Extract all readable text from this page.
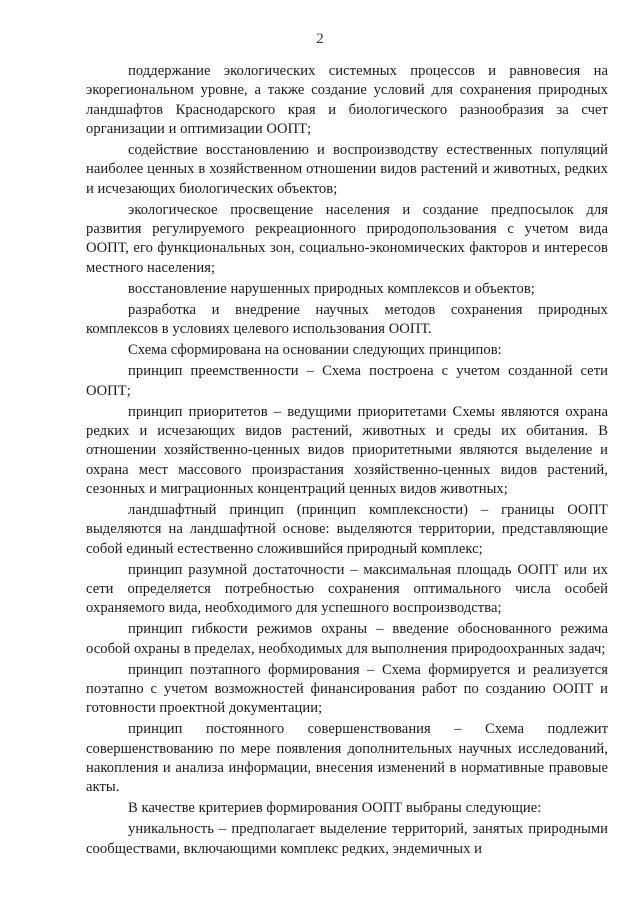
2

поддержание экологических системных процессов и равновесия на экорегиональном уровне, а также создание условий для сохранения природных ландшафтов Краснодарского края и биологического разнообразия за счет организации и оптимизации ООПТ;

содействие восстановлению и воспроизводству естественных популяций наиболее ценных в хозяйственном отношении видов растений и животных, редких и исчезающих биологических объектов;

экологическое просвещение населения и создание предпосылок для развития регулируемого рекреационного природопользования с учетом вида ООПТ, его функциональных зон, социально-экономических факторов и интересов местного населения;

восстановление нарушенных природных комплексов и объектов;

разработка и внедрение научных методов сохранения природных комплексов в условиях целевого использования ООПТ.

Схема сформирована на основании следующих принципов:

принцип преемственности – Схема построена с учетом созданной сети ООПТ;

принцип приоритетов – ведущими приоритетами Схемы являются охрана редких и исчезающих видов растений, животных и среды их обитания. В отношении хозяйственно-ценных видов приоритетными являются выделение и охрана мест массового произрастания хозяйственно-ценных видов растений, сезонных и миграционных концентраций ценных видов животных;

ландшафтный принцип (принцип комплексности) – границы ООПТ выделяются на ландшафтной основе: выделяются территории, представляющие собой единый естественно сложившийся природный комплекс;

принцип разумной достаточности – максимальная площадь ООПТ или их сети определяется потребностью сохранения оптимального числа особей охраняемого вида, необходимого для успешного воспроизводства;

принцип гибкости режимов охраны – введение обоснованного режима особой охраны в пределах, необходимых для выполнения природоохранных задач;

принцип поэтапного формирования – Схема формируется и реализуется поэтапно с учетом возможностей финансирования работ по созданию ООПТ и готовности проектной документации;

принцип постоянного совершенствования – Схема подлежит совершенствованию по мере появления дополнительных научных исследований, накопления и анализа информации, внесения изменений в нормативные правовые акты.

В качестве критериев формирования ООПТ выбраны следующие:

уникальность – предполагает выделение территорий, занятых природными сообществами, включающими комплекс редких, эндемичных и
